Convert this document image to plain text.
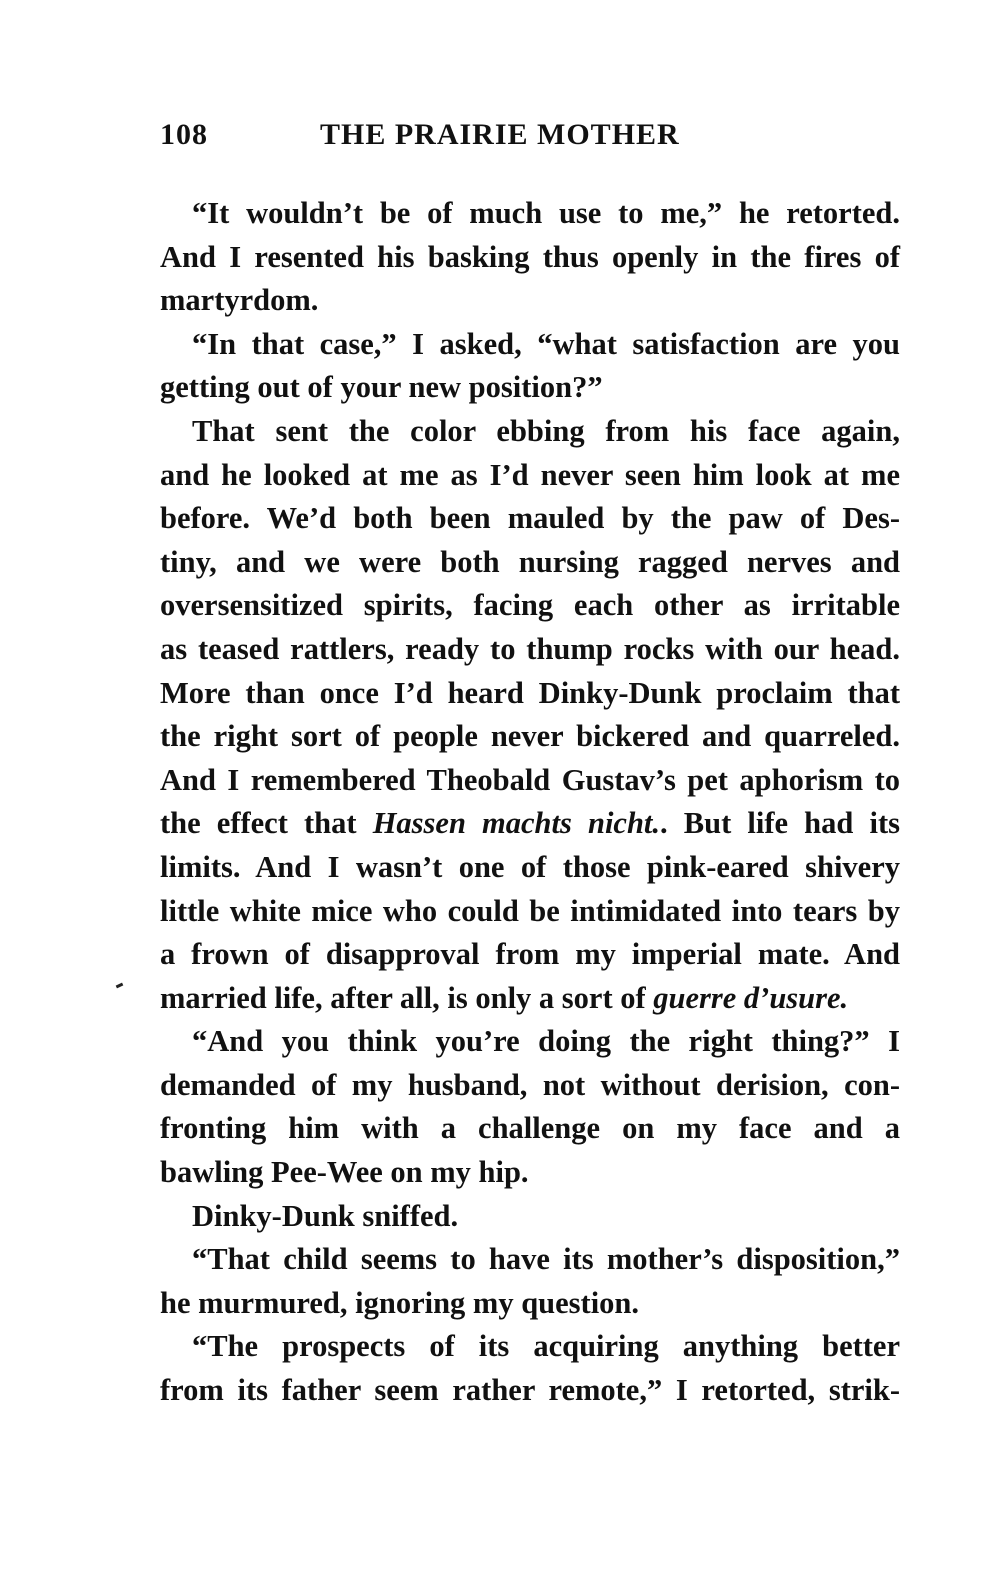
108	THE PRAIRIE MOTHER
“It wouldn’t be of much use to me,” he retorted.
And I resented his basking thus openly in the fires of
martyrdom.
“In that case,” I asked, “what satisfaction are you
getting out of your new position?”
That sent the color ebbing from his face again,
and he looked at me as I’d never seen him look at me
before. We’d both been mauled by the paw of Des-
tiny, and we were both nursing ragged nerves and
oversensitized spirits, facing each other as irritable
as teased rattlers, ready to thump rocks with our head.
More than once I’d heard Dinky-Dunk proclaim that
the right sort of people never bickered and quarreled.
And I remembered Theobald Gustav’s pet aphorism to
the effect that Hassen machts nicht.. But life had its
limits. And I wasn’t one of those pink-eared shivery
little white mice who could be intimidated into tears by
a frown of disapproval from my imperial mate. And
married life, after all, is only a sort of guerre d’usure.
“And you think you’re doing the right thing?” I
demanded of my husband, not without derision, con-
fronting him with a challenge on my face and a
bawling Pee-Wee on my hip.
Dinky-Dunk sniffed.
“That child seems to have its mother’s disposition,”
he murmured, ignoring my question.
“The prospects of its acquiring anything better
from its father seem rather remote,” I retorted, strik-
